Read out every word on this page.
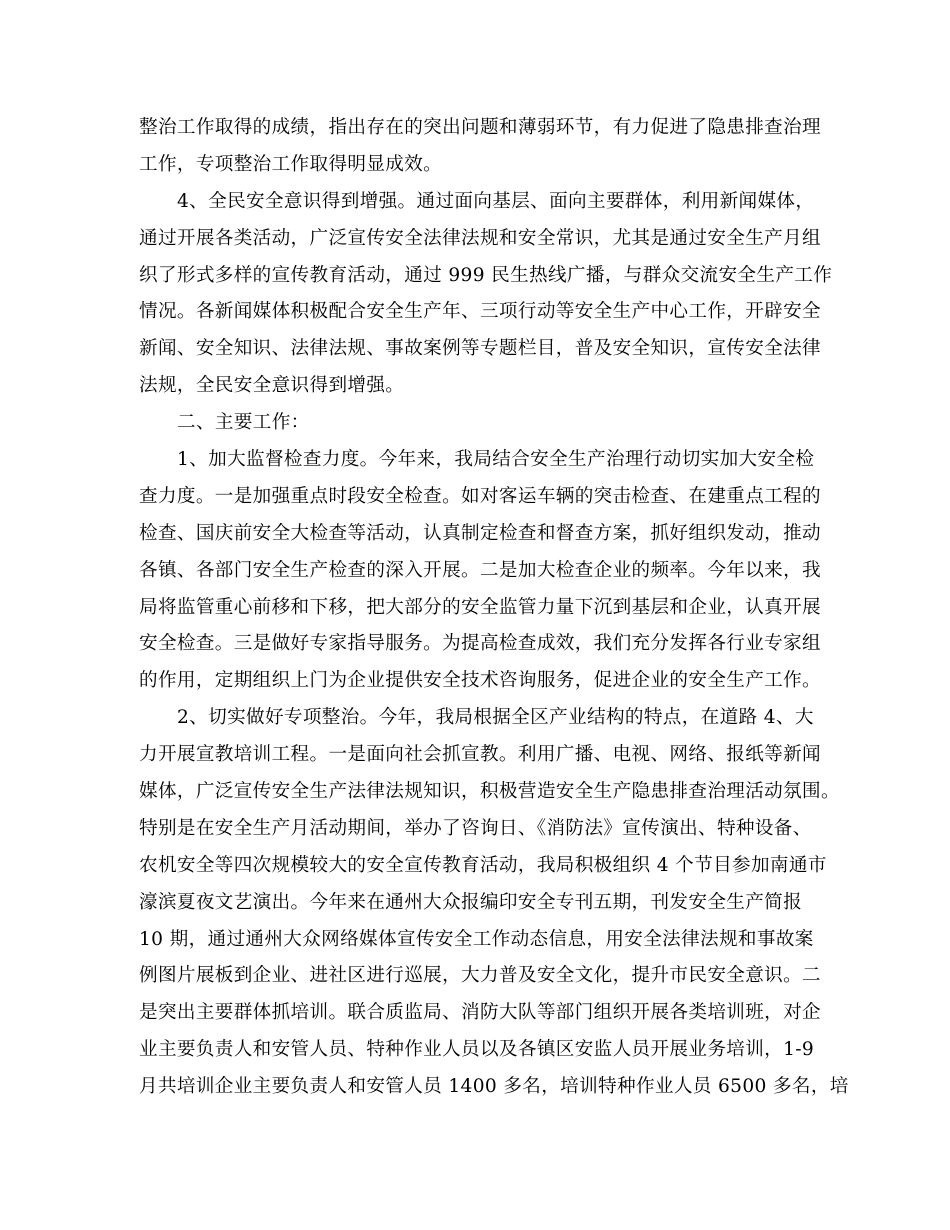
整治工作取得的成绩，指出存在的突出问题和薄弱环节，有力促进了隐患排查治理
工作，专项整治工作取得明显成效。
4、全民安全意识得到增强。通过面向基层、面向主要群体，利用新闻媒体，
通过开展各类活动，广泛宣传安全法律法规和安全常识，尤其是通过安全生产月组
织了形式多样的宣传教育活动，通过 999 民生热线广播，与群众交流安全生产工作
情况。各新闻媒体积极配合安全生产年、三项行动等安全生产中心工作，开辟安全
新闻、安全知识、法律法规、事故案例等专题栏目，普及安全知识，宣传安全法律
法规，全民安全意识得到增强。
二、主要工作：
1、加大监督检查力度。今年来，我局结合安全生产治理行动切实加大安全检
查力度。一是加强重点时段安全检查。如对客运车辆的突击检查、在建重点工程的
检查、国庆前安全大检查等活动，认真制定检查和督查方案，抓好组织发动，推动
各镇、各部门安全生产检查的深入开展。二是加大检查企业的频率。今年以来，我
局将监管重心前移和下移，把大部分的安全监管力量下沉到基层和企业，认真开展
安全检查。三是做好专家指导服务。为提高检查成效，我们充分发挥各行业专家组
的作用，定期组织上门为企业提供安全技术咨询服务，促进企业的安全生产工作。
2、切实做好专项整治。今年，我局根据全区产业结构的特点，在道路 4、大
力开展宣教培训工程。一是面向社会抓宣教。利用广播、电视、网络、报纸等新闻
媒体，广泛宣传安全生产法律法规知识，积极营造安全生产隐患排查治理活动氛围。
特别是在安全生产月活动期间，举办了咨询日、《消防法》宣传演出、特种设备、
农机安全等四次规模较大的安全宣传教育活动，我局积极组织 4 个节目参加南通市
濠滨夏夜文艺演出。今年来在通州大众报编印安全专刊五期，刊发安全生产简报
10 期，通过通州大众网络媒体宣传安全工作动态信息，用安全法律法规和事故案
例图片展板到企业、进社区进行巡展，大力普及安全文化，提升市民安全意识。二
是突出主要群体抓培训。联合质监局、消防大队等部门组织开展各类培训班，对企
业主要负责人和安管人员、特种作业人员以及各镇区安监人员开展业务培训，1-9
月共培训企业主要负责人和安管人员 1400 多名，培训特种作业人员 6500 多名，培
